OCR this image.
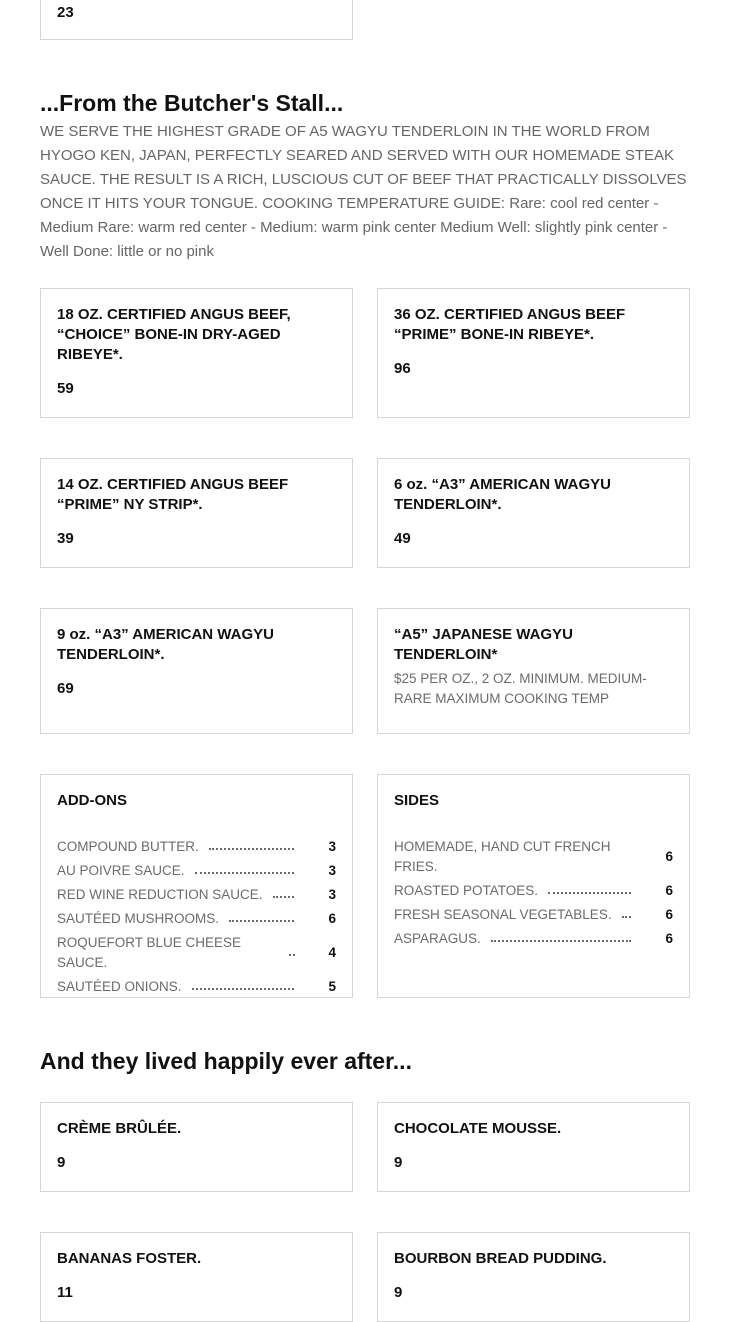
23
...From the Butcher's Stall...
WE SERVE THE HIGHEST GRADE OF A5 WAGYU TENDERLOIN IN THE WORLD FROM HYOGO KEN, JAPAN, PERFECTLY SEARED AND SERVED WITH OUR HOMEMADE STEAK SAUCE. THE RESULT IS A RICH, LUSCIOUS CUT OF BEEF THAT PRACTICALLY DISSOLVES ONCE IT HITS YOUR TONGUE. COOKING TEMPERATURE GUIDE: Rare: cool red center - Medium Rare: warm red center - Medium: warm pink center Medium Well: slightly pink center - Well Done: little or no pink
18 OZ. CERTIFIED ANGUS BEEF, “CHOICE” BONE-IN DRY-AGED RIBEYE*.
59
36 OZ. CERTIFIED ANGUS BEEF “PRIME” BONE-IN RIBEYE*.
96
14 OZ. CERTIFIED ANGUS BEEF “PRIME” NY STRIP*.
39
6 oz. “A3” AMERICAN WAGYU TENDERLOIN*.
49
9 oz. “A3” AMERICAN WAGYU TENDERLOIN*.
69
“A5” JAPANESE WAGYU TENDERLOIN*
$25 PER OZ., 2 OZ. MINIMUM. MEDIUM-RARE MAXIMUM COOKING TEMP
ADD-ONS
COMPOUND BUTTER.	3
AU POIVRE SAUCE.	3
RED WINE REDUCTION SAUCE.	3
SAUTÉED MUSHROOMS.	6
ROQUEFORT BLUE CHEESE SAUCE.
4
SAUTÉED ONIONS.	5
SIDES
HOMEMADE, HAND CUT FRENCH FRIES.
6
ROASTED POTATOES.	6
FRESH SEASONAL VEGETABLES.	6
ASPARAGUS.	6
And they lived happily ever after...
CRÈME BRÛLÉE.
9
CHOCOLATE MOUSSE.
9
BANANAS FOSTER.
11
BOURBON BREAD PUDDING.
9
